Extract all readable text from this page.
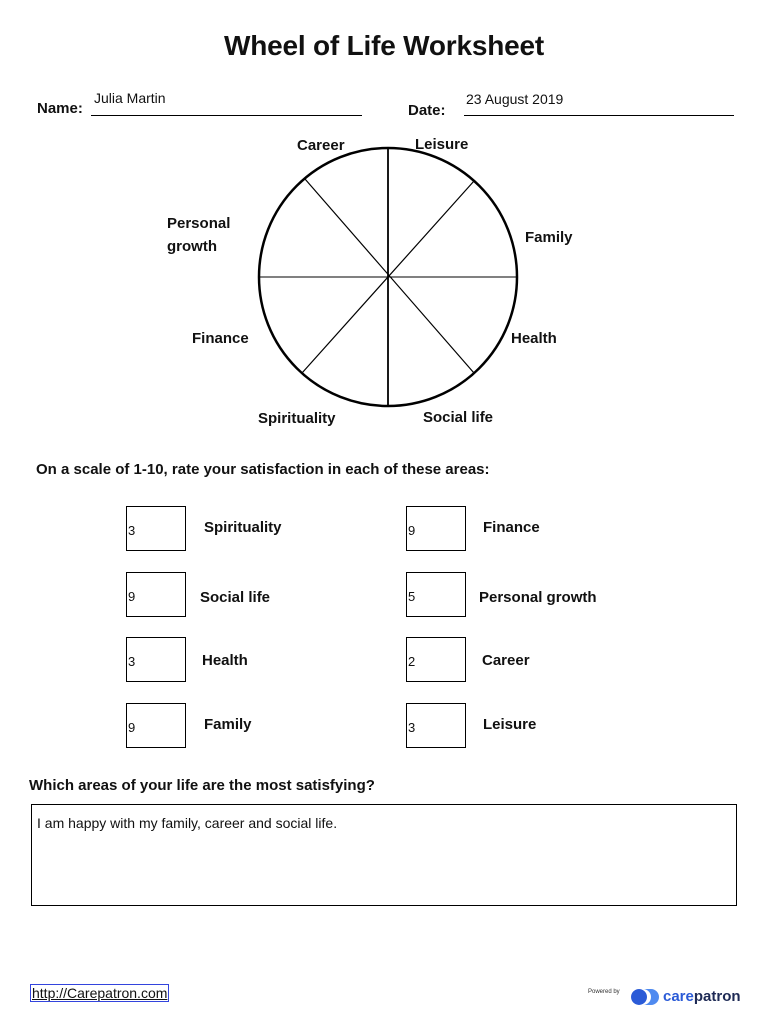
Wheel of Life Worksheet
Name:
Julia Martin
Date:
23 August 2019
Career	Leisure
Personal
growth
Family
Finance	Health
Spirituality	Social life
On a scale of 1-10, rate your satisfaction in each of these areas:
3	Spirituality
9	Social life
3	Health
9	Family
9	Finance
5	Personal growth
2	Career
3	Leisure
Which areas of your life are the most satisfying?
I am happy with my family, career and social life.
http://Carepatron.com	Powered by	carepatron
